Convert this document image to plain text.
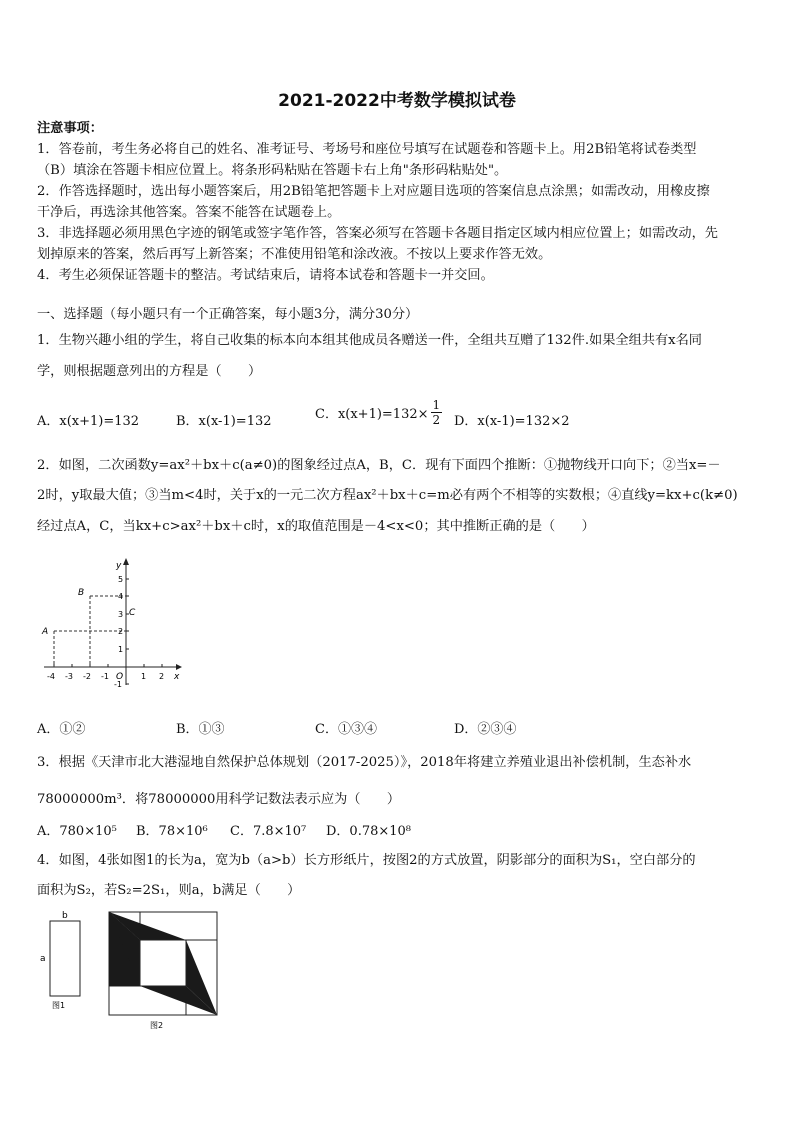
2021-2022中考数学模拟试卷
注意事项：
1．答卷前，考生务必将自己的姓名、准考证号、考场号和座位号填写在试题卷和答题卡上。用2B铅笔将试卷类型
（B）填涂在答题卡相应位置上。将条形码粘贴在答题卡右上角"条形码粘贴处"。
2．作答选择题时，选出每小题答案后，用2B铅笔把答题卡上对应题目选项的答案信息点涂黑；如需改动，用橡皮擦
干净后，再选涂其他答案。答案不能答在试题卷上。
3．非选择题必须用黑色字迹的钢笔或签字笔作答，答案必须写在答题卡各题目指定区域内相应位置上；如需改动，先
划掉原来的答案，然后再写上新答案；不准使用铅笔和涂改液。不按以上要求作答无效。
4．考生必须保证答题卡的整洁。考试结束后，请将本试卷和答题卡一并交回。
一、选择题（每小题只有一个正确答案，每小题3分，满分30分）
1．生物兴趣小组的学生，将自己收集的标本向本组其他成员各赠送一件，全组共互赠了132件.如果全组共有x名同
学，则根据题意列出的方程是（　　）
A．x(x+1)=132	B．x(x-1)=132	C．$x(x+1)=132\times \frac{1}{2}$ D．x(x-1)=132×2
2．如图，二次函数y=ax²＋bx＋c(a≠0)的图象经过点A，B，C．现有下面四个推断：①抛物线开口向下；②当x=－
2时，y取最大值；③当m<4时，关于x的一元二次方程ax²＋bx＋c=m必有两个不相等的实数根；④直线y=kx+c(k≠0)
经过点A，C，当kx+c>ax²＋bx＋c时，x的取值范围是－4<x<0；其中推断正确的是（　　）
y
x
O
A
B
C
5
4
3
2
1
-1
-4 -3 -2 -1	1 2
A．①②	B．①③	C．①③④	D．②③④
3．根据《天津市北大港湿地自然保护总体规划（2017-2025）》，2018年将建立养殖业退出补偿机制，生态补水
78000000m³．将78000000用科学记数法表示应为（　　）
A．780×10⁵ B．78×10⁶ C．7.8×10⁷ D．0.78×10⁸
4．如图，4张如图1的长为a，宽为b（a>b）长方形纸片，按图2的方式放置，阴影部分的面积为S₁，空白部分的
面积为S₂，若S₂=2S₁，则a，b满足（　　）
b
a
图1
图2
